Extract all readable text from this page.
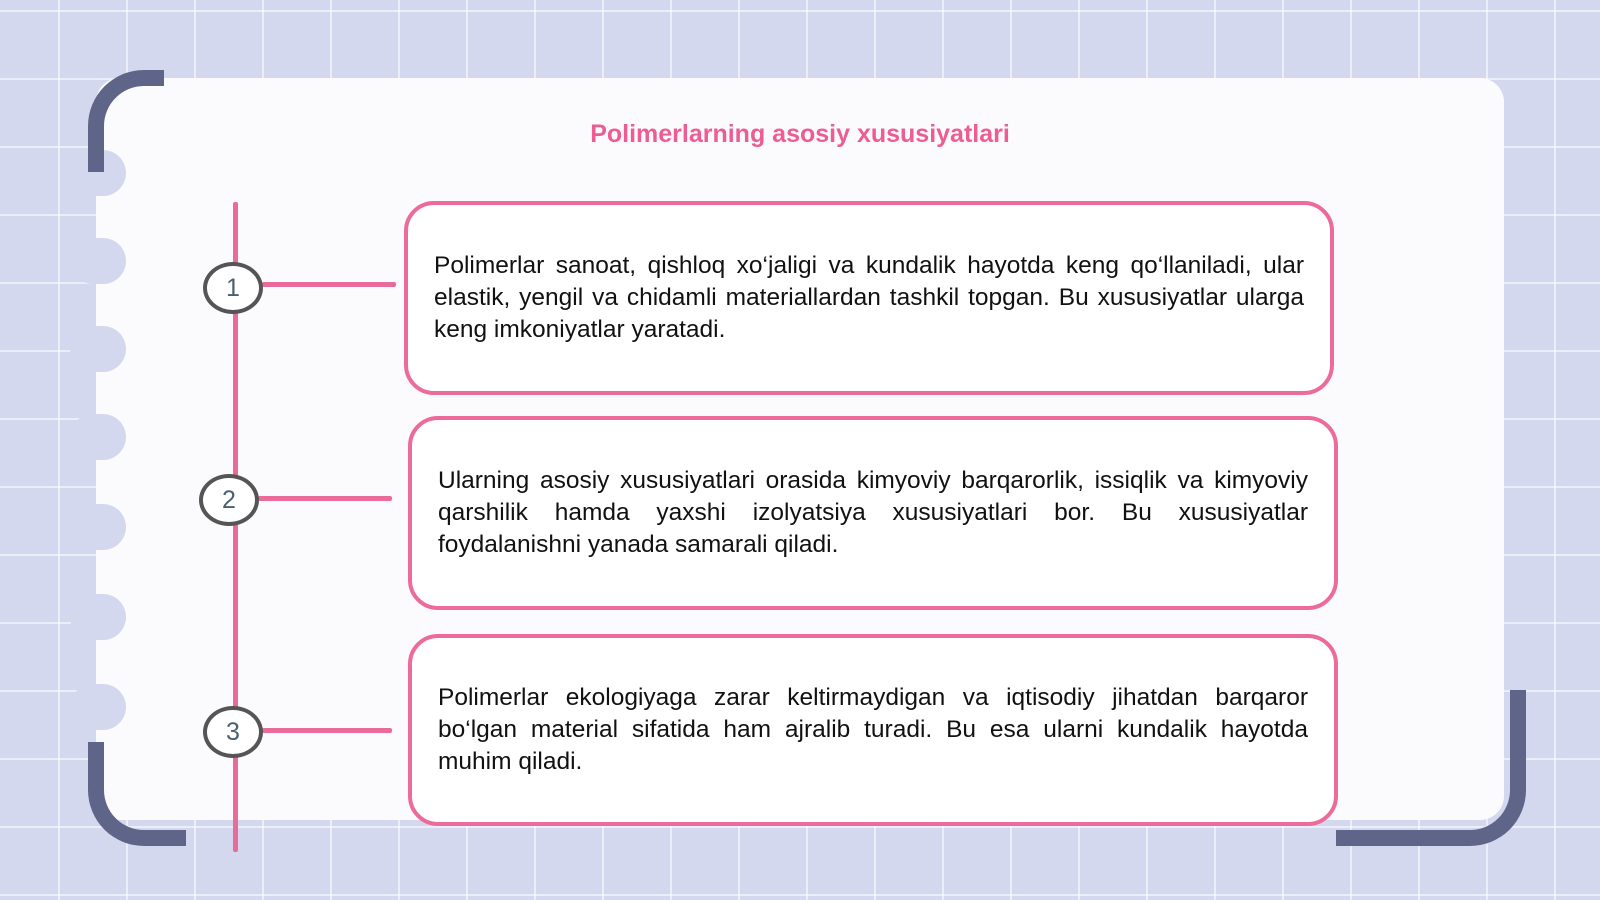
Polimerlarning asosiy xususiyatlari
1
2
3

Polimerlar sanoat, qishloq xo‘jaligi va kundalik hayotda keng qo‘llaniladi, ular elastik, yengil va chidamli materiallardan tashkil topgan. Bu xususiyatlar ularga keng imkoniyatlar yaratadi.

Ularning asosiy xususiyatlari orasida kimyoviy barqarorlik, issiqlik va kimyoviy qarshilik hamda yaxshi izolyatsiya xususiyatlari bor. Bu xususiyatlar foydalanishni yanada samarali qiladi.

Polimerlar ekologiyaga zarar keltirmaydigan va iqtisodiy jihatdan barqaror bo‘lgan material sifatida ham ajralib turadi. Bu esa ularni kundalik hayotda muhim qiladi.
